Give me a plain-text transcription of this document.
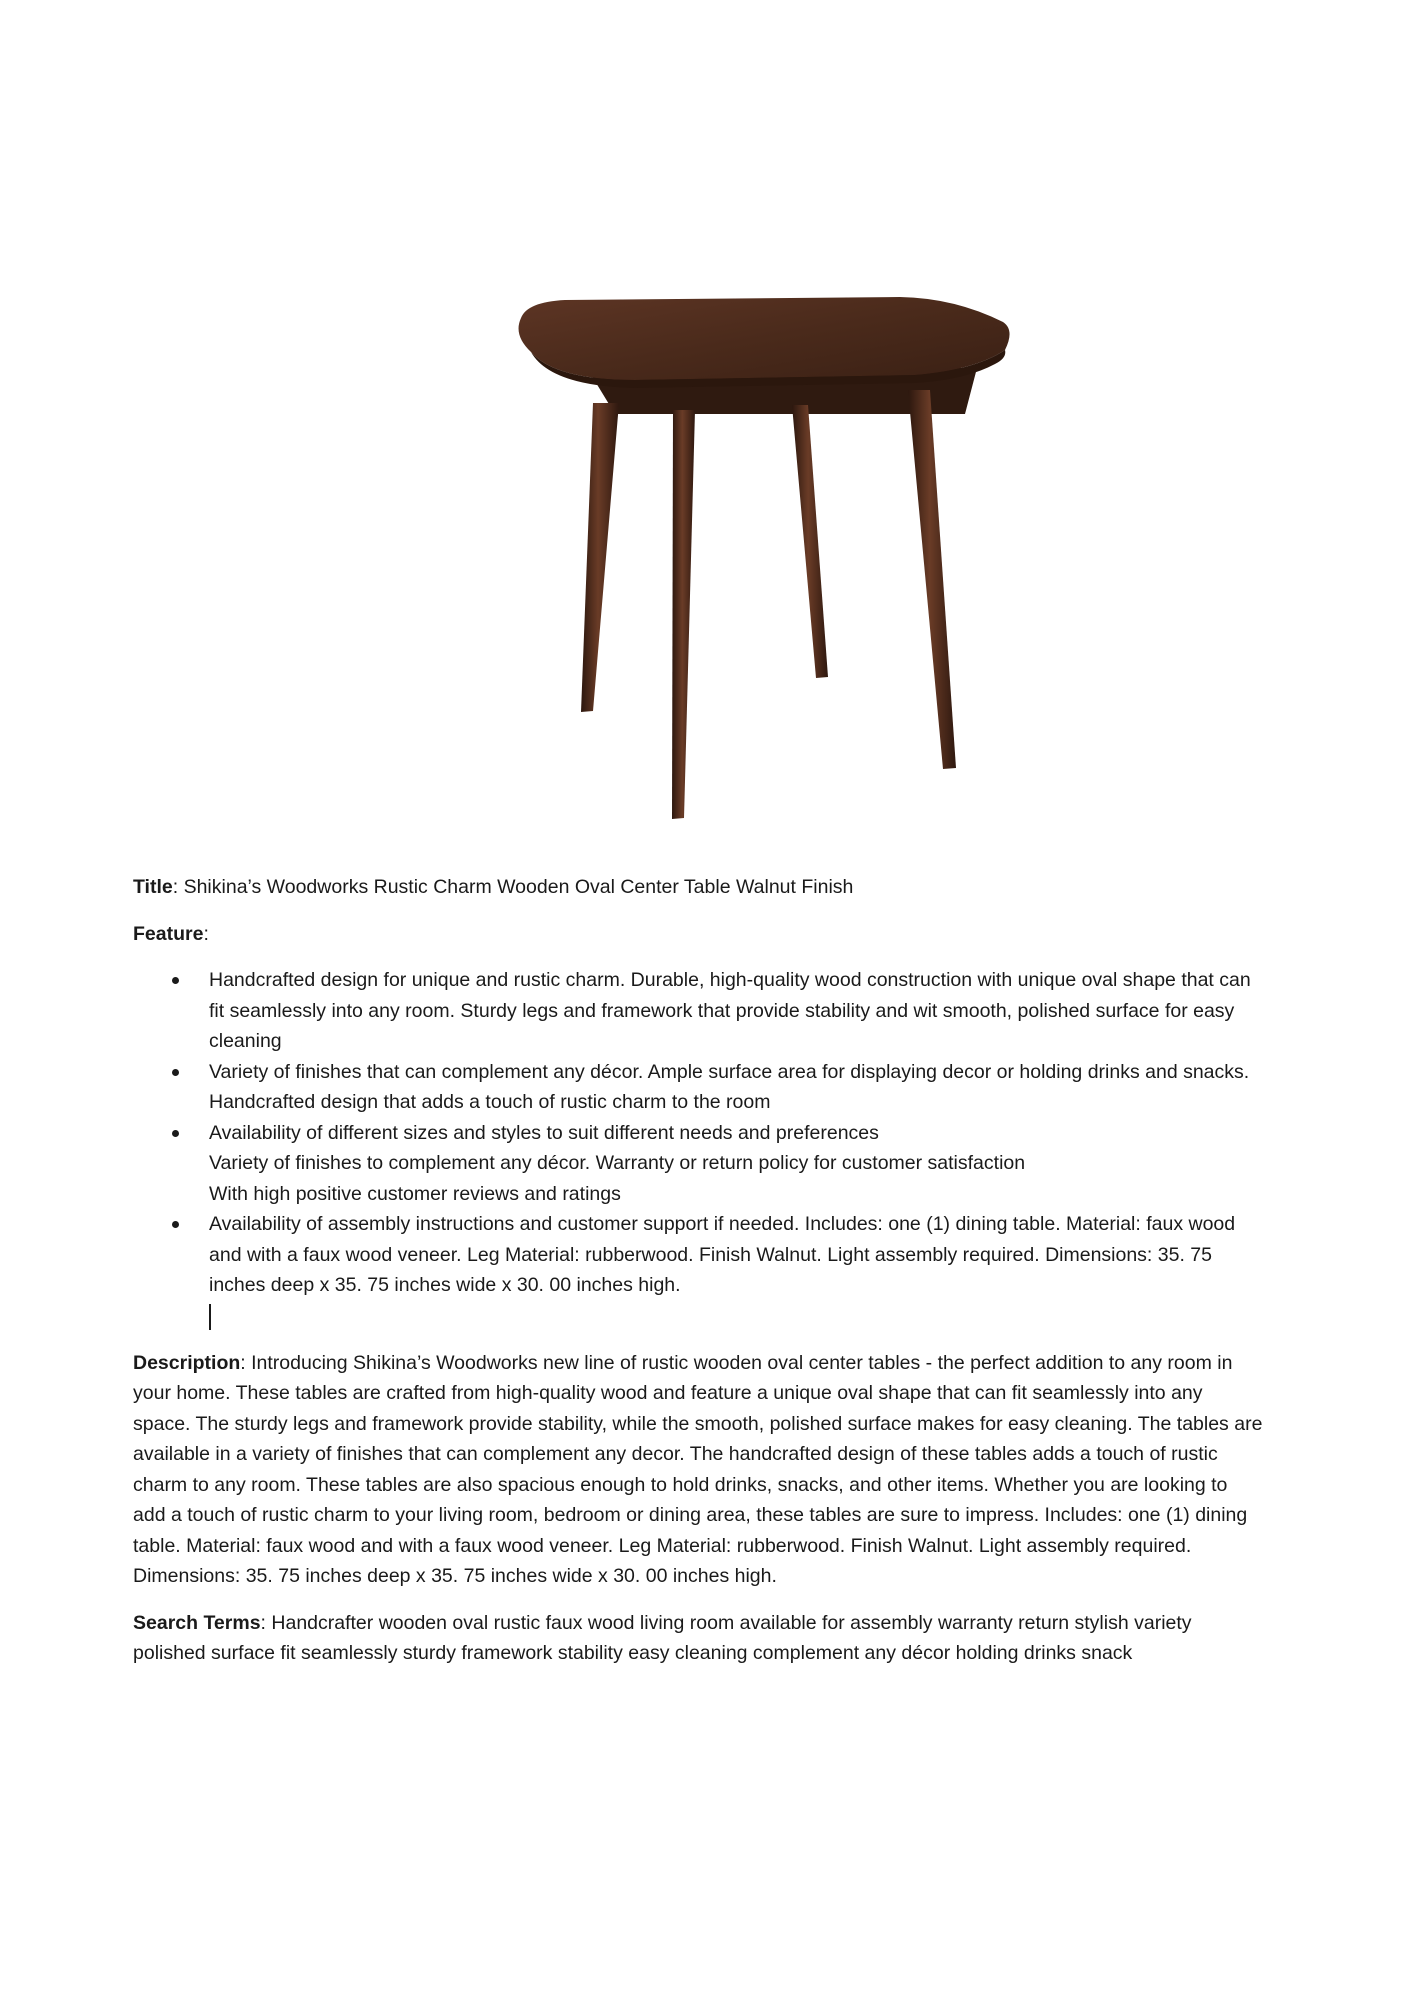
Title: Shikina’s Woodworks Rustic Charm Wooden Oval Center Table Walnut Finish

Feature:

Handcrafted design for unique and rustic charm. Durable, high-quality wood construction with unique oval shape that can fit seamlessly into any room. Sturdy legs and framework that provide stability and wit smooth, polished surface for easy cleaning
Variety of finishes that can complement any décor. Ample surface area for displaying decor or holding drinks and snacks. Handcrafted design that adds a touch of rustic charm to the room
Availability of different sizes and styles to suit different needs and preferences
Variety of finishes to complement any décor. Warranty or return policy for customer satisfaction
With high positive customer reviews and ratings
Availability of assembly instructions and customer support if needed. Includes: one (1) dining table. Material: faux wood and with a faux wood veneer. Leg Material: rubberwood. Finish Walnut. Light assembly required. Dimensions: 35. 75 inches deep x 35. 75 inches wide x 30. 00 inches high.

Description: Introducing Shikina’s Woodworks new line of rustic wooden oval center tables - the perfect addition to any room in your home. These tables are crafted from high-quality wood and feature a unique oval shape that can fit seamlessly into any space. The sturdy legs and framework provide stability, while the smooth, polished surface makes for easy cleaning. The tables are available in a variety of finishes that can complement any decor. The handcrafted design of these tables adds a touch of rustic charm to any room. These tables are also spacious enough to hold drinks, snacks, and other items. Whether you are looking to add a touch of rustic charm to your living room, bedroom or dining area, these tables are sure to impress. Includes: one (1) dining table. Material: faux wood and with a faux wood veneer. Leg Material: rubberwood. Finish Walnut. Light assembly required. Dimensions: 35. 75 inches deep x 35. 75 inches wide x 30. 00 inches high.

Search Terms: Handcrafter wooden oval rustic faux wood living room available for assembly warranty return stylish variety polished surface fit seamlessly sturdy framework stability easy cleaning complement any décor holding drinks snack
